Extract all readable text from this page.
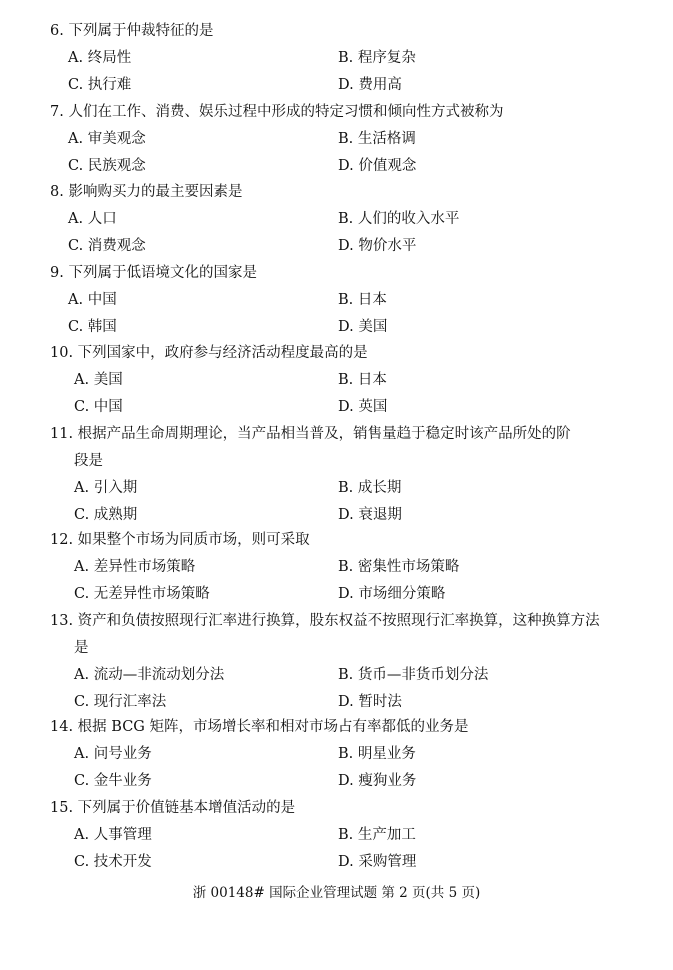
6. 下列属于仲裁特征的是
A. 终局性	B. 程序复杂
C. 执行难	D. 费用高
7. 人们在工作、消费、娱乐过程中形成的特定习惯和倾向性方式被称为
A. 审美观念	B. 生活格调
C. 民族观念	D. 价值观念
8. 影响购买力的最主要因素是
A. 人口	B. 人们的收入水平
C. 消费观念	D. 物价水平
9. 下列属于低语境文化的国家是
A. 中国	B. 日本
C. 韩国	D. 美国
10. 下列国家中，政府参与经济活动程度最高的是
A. 美国	B. 日本
C. 中国	D. 英国
11. 根据产品生命周期理论，当产品相当普及，销售量趋于稳定时该产品所处的阶
段是
A. 引入期	B. 成长期
C. 成熟期	D. 衰退期
12. 如果整个市场为同质市场，则可采取
A. 差异性市场策略	B. 密集性市场策略
C. 无差异性市场策略	D. 市场细分策略
13. 资产和负债按照现行汇率进行换算，股东权益不按照现行汇率换算，这种换算方法
是
A. 流动—非流动划分法	B. 货币—非货币划分法
C. 现行汇率法	D. 暂时法
14. 根据 BCG 矩阵，市场增长率和相对市场占有率都低的业务是
A. 问号业务	B. 明星业务
C. 金牛业务	D. 瘦狗业务
15. 下列属于价值链基本增值活动的是
A. 人事管理	B. 生产加工
C. 技术开发	D. 采购管理
浙 00148# 国际企业管理试题 第 2 页(共 5 页)
